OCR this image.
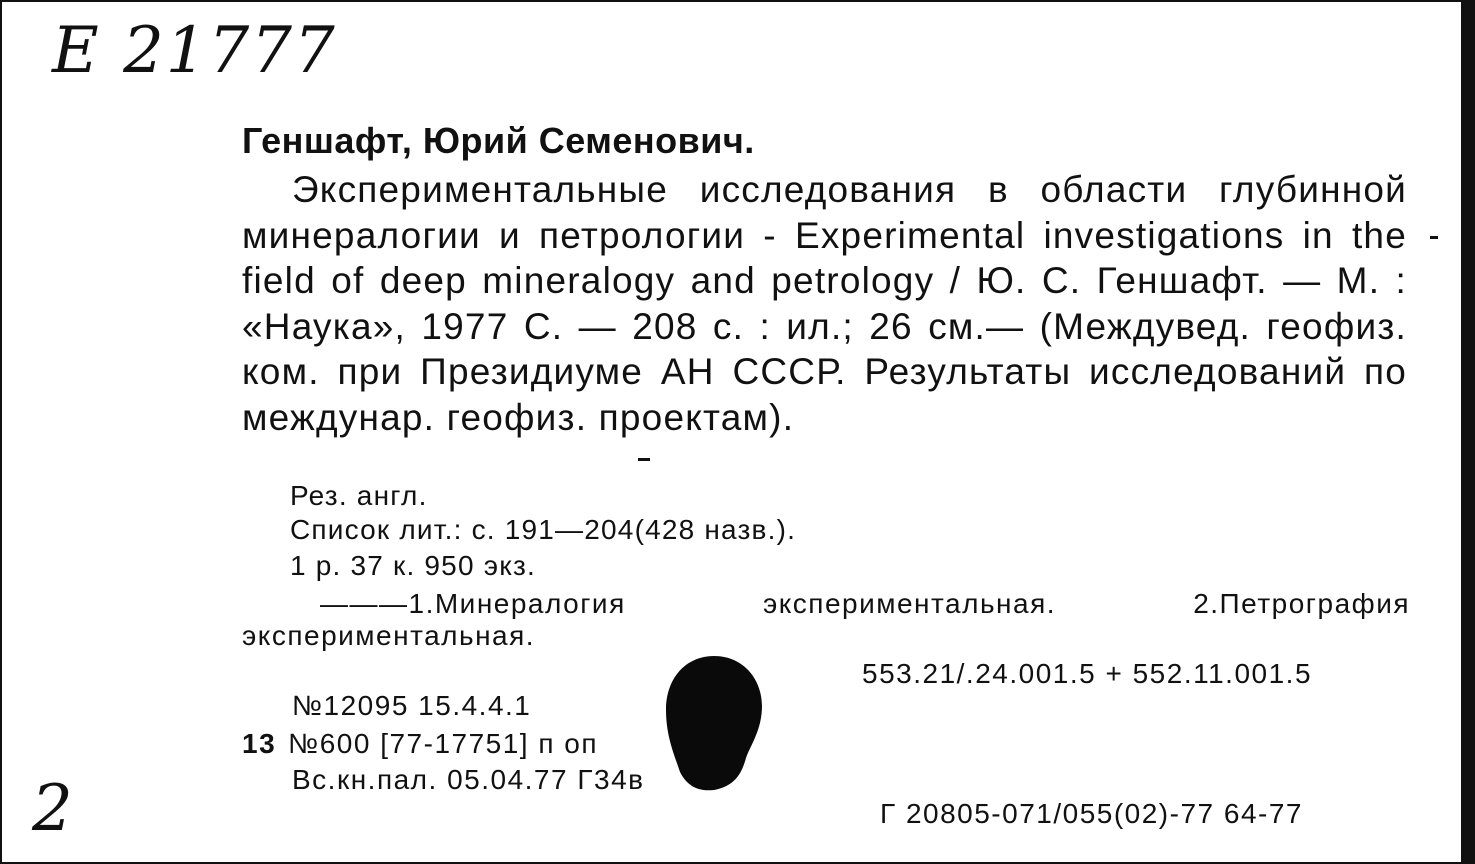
E 21777
Геншафт, Юрий Семенович.
Экспериментальные исследования в области глубинной минералогии и петрологии - Experimental investigations in the field of deep mineralogy and petrology / Ю. С. Геншафт. — М. : «Наука», 1977 С. — 208 с. : ил.; 26 см.— (Междувед. геофиз. ком. при Президиуме АН СССР. Результаты исследований по междунар. геофиз. проектам).
Рез. англ.
Список лит.: с. 191—204(428 назв.).
1 р. 37 к. 950 экз.
———1.Минералогия экспериментальная. 2.Петрография экспериментальная.
553.21/.24.001.5 + 552.11.001.5
№12095 15.4.4.1
13 №600 [77-17751] п оп
Вс.кн.пал. 05.04.77 Г34в
Г 20805-071/055(02)-77 64-77
2
